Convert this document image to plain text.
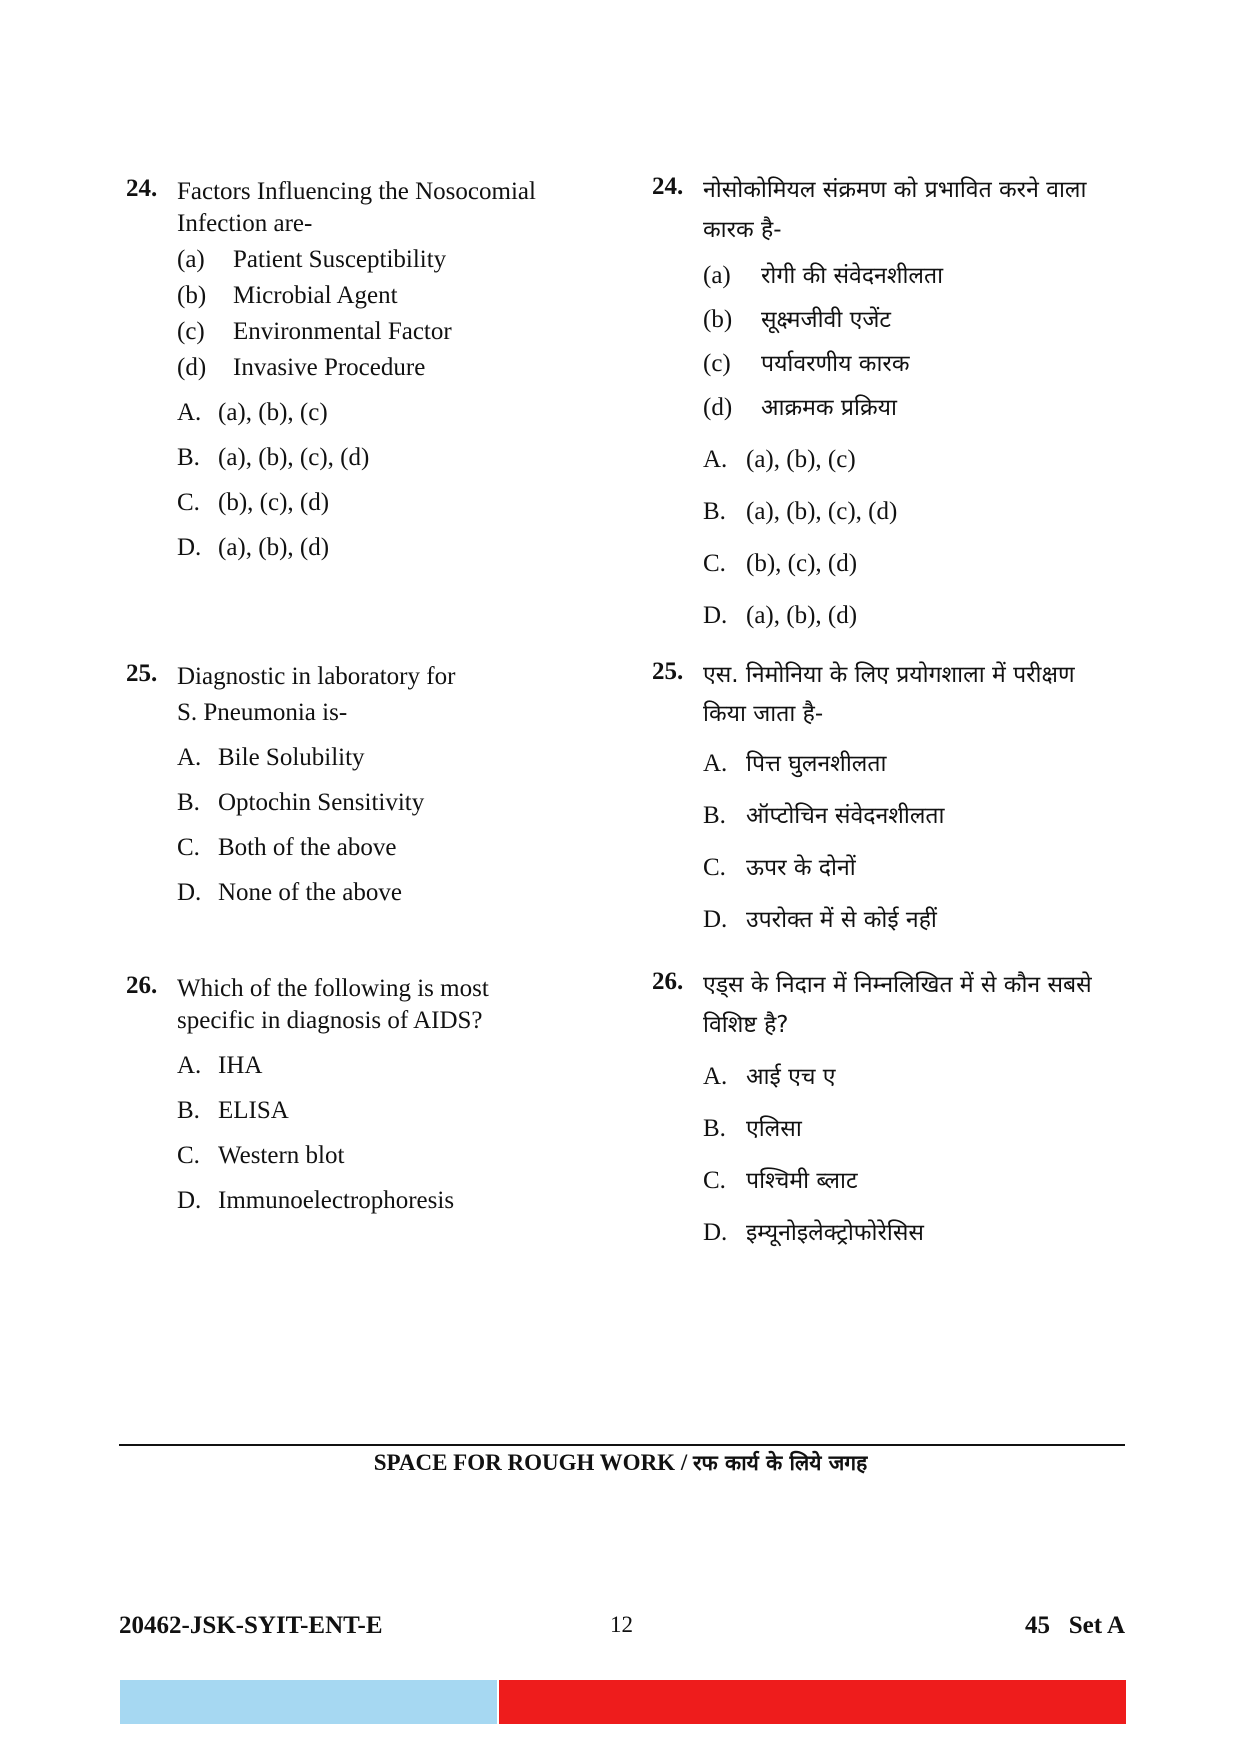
24. Factors Influencing the Nosocomial
Infection are-
(a) Patient Susceptibility
(b) Microbial Agent
(c) Environmental Factor
(d) Invasive Procedure
A. (a), (b), (c)
B. (a), (b), (c), (d)
C. (b), (c), (d)
D. (a), (b), (d)
25. Diagnostic in laboratory for
S. Pneumonia is-
A. Bile Solubility
B. Optochin Sensitivity
C. Both of the above
D. None of the above
26. Which of the following is most
specific in diagnosis of AIDS?
A. IHA
B. ELISA
C. Western blot
D. Immunoelectrophoresis
24. नोसोकोमियल संक्रमण को प्रभावित करने वाला
कारक है-
(a) रोगी की संवेदनशीलता
(b) सूक्ष्मजीवी एजेंट
(c) पर्यावरणीय कारक
(d) आक्रमक प्रक्रिया
A. (a), (b), (c)
B. (a), (b), (c), (d)
C. (b), (c), (d)
D. (a), (b), (d)
25. एस. निमोनिया के लिए प्रयोगशाला में परीक्षण
किया जाता है-
A. पित्त घुलनशीलता
B. ऑप्टोचिन संवेदनशीलता
C. ऊपर के दोनों
D. उपरोक्त में से कोई नहीं
26. एड्स के निदान में निम्नलिखित में से कौन सबसे
विशिष्ट है?
A. आई एच ए
B. एलिसा
C. पश्चिमी ब्लाट
D. इम्यूनोइलेक्ट्रोफोरेसिस
SPACE FOR ROUGH WORK / रफ कार्य के लिये जगह
20462-JSK-SYIT-ENT-E	12	45   Set A
